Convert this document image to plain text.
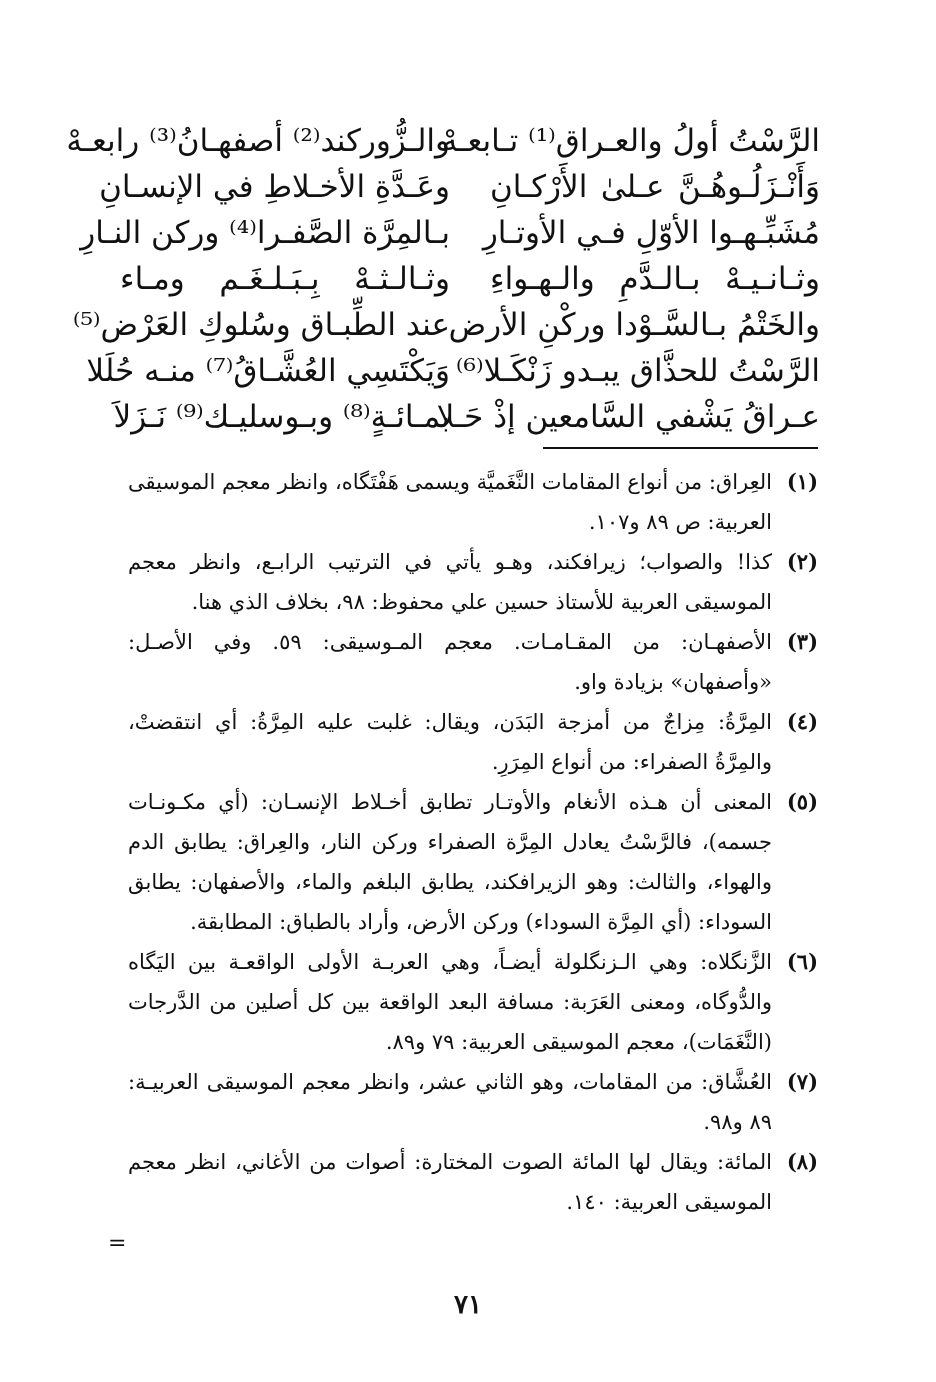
الرَّسْتُ أولُ والعـراق⁽¹⁾ تـابعـهْ
والـزُّوركند⁽²⁾ أصفهـانُ⁽³⁾ رابعـهْ
وَأَنْـزَلُـوهُـنَّ عـلىٰ الأَرْكـانِ
وعَـدَّةِ الأخـلاطِ في الإنسـانِ
مُشَبِّـهـوا الأوّلِ فـي الأوتـارِ
بـالمِرَّة الصَّفـرا⁽⁴⁾ وركن النـارِ
وثـانـيـهْ بـالـدَّمِ والـهـواءِ
وثـالـثـهْ بِـبَـلـغَـم ومـاء
والخَتْمُ بـالسَّـوْدا وركْنِ الأرض
عند الطِّبـاق وسُلوكِ العَرْض⁽⁵⁾
الرَّسْتُ للحذَّاق يبـدو زَنْكَـلا⁽⁶⁾
وَيَكْتَسِي العُشَّـاقُ⁽⁷⁾ منـه حُلَلا
عـراقُ يَشْفي السَّامعين إذْ حَـلا
بمـائـةٍ⁽⁸⁾ وبـوسليـك⁽⁹⁾ نَـزَلاَ
(١)
العِراق: من أنواع المقامات النَّغَميَّة ويسمى هَفْتَگاه، وانظر معجم الموسيقى العربية: ص ٨٩ و١٠٧.
(٢)
كذا! والصواب؛ زيرافكند، وهـو يأتي في الترتيب الرابـع، وانظر معجم الموسيقى العربية للأستاذ حسين علي محفوظ: ٩٨، بخلاف الذي هنا.
(٣)
الأصفهـان: من المقـامـات. معجم المـوسيقى: ٥٩. وفي الأصـل: «وأصفهان» بزيادة واو.
(٤)
المِرَّةُ: مِزاجٌ من أمزجة البَدَن، ويقال: غلبت عليه المِرَّةُ: أي انتقضتْ، والمِرَّةُ الصفراء: من أنواع المِرَرِ.
(٥)
المعنى أن هـذه الأنغام والأوتـار تطابق أخـلاط الإنسـان: (أي مكـونـات جسمه)، فالرَّسْتُ يعادل المِرَّة الصفراء وركن النار، والعِراق: يطابق الدم والهواء، والثالث: وهو الزيرافكند، يطابق البلغم والماء، والأصفهان: يطابق السوداء: (أي المِرَّة السوداء) وركن الأرض، وأراد بالطباق: المطابقة.
(٦)
الزَّنگلاه: وهي الـزنگلولة أيضـاً، وهي العربـة الأولى الواقعـة بين اليَگاه والدُّوگاه، ومعنى العَرَبة: مسافة البعد الواقعة بين كل أصلين من الدَّرجات (النَّغَمَات)، معجم الموسيقى العربية: ٧٩ و٨٩.
(٧)
العُشَّاق: من المقامات، وهو الثاني عشر، وانظر معجم الموسيقى العربيـة: ٨٩ و٩٨.
(٨)
المائة: ويقال لها المائة الصوت المختارة: أصوات من الأغاني، انظر معجم الموسيقى العربية: ١٤٠.
=
٧١
